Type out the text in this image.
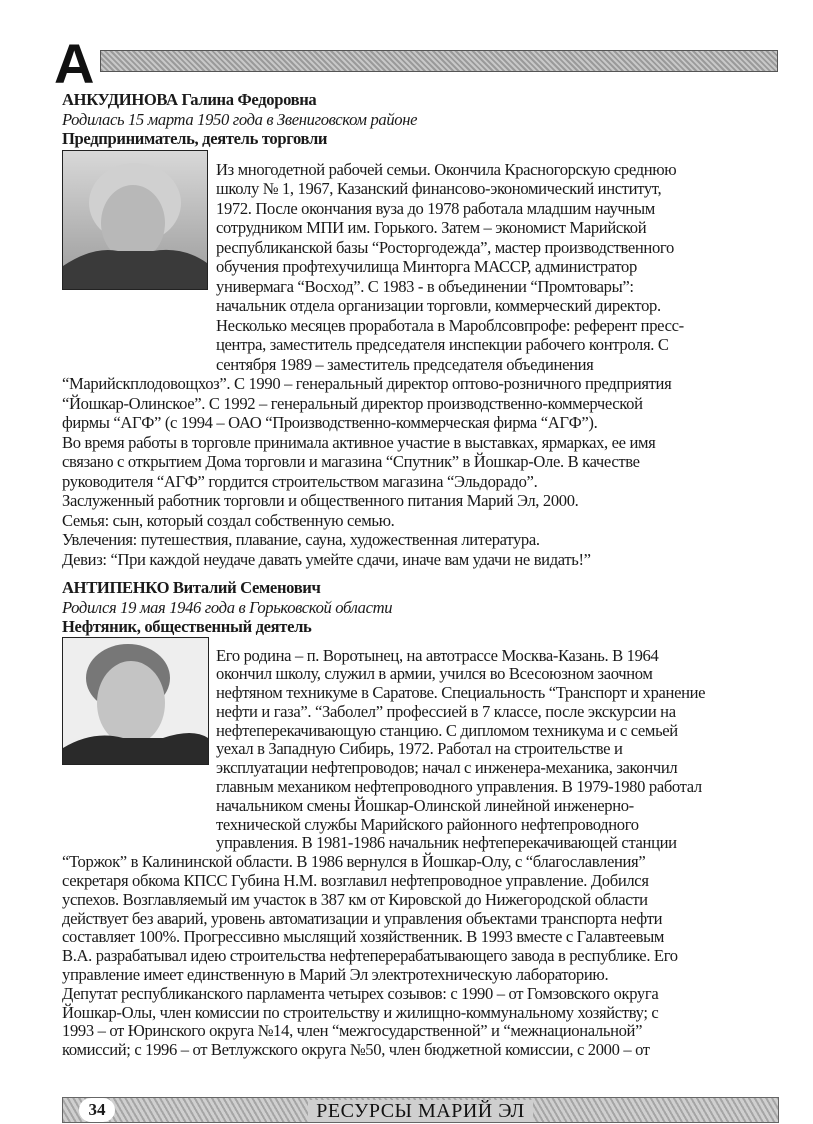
А
АНКУДИНОВА Галина Федоровна
Родилась 15 марта 1950 года в Звениговском районе
Предприниматель, деятель торговли
Из многодетной рабочей семьи. Окончила Красногорскую среднюю
школу № 1, 1967, Казанский финансово-экономический институт,
1972. После окончания вуза до 1978 работала младшим научным
сотрудником МПИ им. Горького. Затем – экономист Марийской
республиканской базы “Росторгодежда”, мастер производственного
обучения профтехучилища Минторга МАССР, администратор
универмага “Восход”. С 1983 - в объединении “Промтовары”:
начальник отдела организации торговли, коммерческий директор.
Несколько месяцев проработала в Мароблсовпрофе: референт пресс-
центра, заместитель председателя инспекции рабочего контроля. С
сентября 1989 – заместитель председателя объединения
“Марийскплодовощхоз”. С 1990 – генеральный директор оптово-розничного предприятия
“Йошкар-Олинское”. С 1992 – генеральный директор производственно-коммерческой
фирмы “АГФ” (с 1994 – ОАО “Производственно-коммерческая фирма “АГФ”).
Во время работы в торговле принимала активное участие в выставках, ярмарках, ее имя
связано с открытием Дома торговли и магазина “Спутник” в Йошкар-Оле. В качестве
руководителя “АГФ” гордится строительством магазина “Эльдорадо”.
Заслуженный работник торговли и общественного питания Марий Эл, 2000.
Семья: сын, который создал собственную семью.
Увлечения: путешествия, плавание, сауна, художественная литература.
Девиз: “При каждой неудаче давать умейте сдачи, иначе вам удачи не видать!”
АНТИПЕНКО Виталий Семенович
Родился 19 мая 1946 года в Горьковской области
Нефтяник, общественный деятель
Его родина – п. Воротынец, на автотрассе Москва-Казань. В 1964
окончил школу, служил в армии, учился во Всесоюзном заочном
нефтяном техникуме в Саратове. Специальность “Транспорт и хранение
нефти и газа”. “Заболел” профессией в 7 классе, после экскурсии на
нефтеперекачивающую станцию. С дипломом техникума и с семьей
уехал в Западную Сибирь, 1972. Работал на строительстве и
эксплуатации нефтепроводов; начал с инженера-механика, закончил
главным механиком нефтепроводного управления. В 1979-1980 работал
начальником смены Йошкар-Олинской линейной инженерно-
технической службы Марийского районного нефтепроводного
управления. В 1981-1986 начальник нефтеперекачивающей станции
“Торжок” в Калининской области. В 1986 вернулся в Йошкар-Олу, с “благославления”
секретаря обкома КПСС Губина Н.М. возглавил нефтепроводное управление. Добился
успехов. Возглавляемый им участок в 387 км от Кировской до Нижегородской области
действует без аварий, уровень автоматизации и управления объектами транспорта нефти
составляет 100%. Прогрессивно мыслящий хозяйственник. В 1993 вместе с Галавтеевым
В.А. разрабатывал идею строительства нефтеперерабатывающего завода в республике. Его
управление имеет единственную в Марий Эл электротехническую лабораторию.
Депутат республиканского парламента четырех созывов: с 1990 – от Гомзовского округа
Йошкар-Олы, член комиссии по строительству и жилищно-коммунальному хозяйству; с
1993 – от Юринского округа №14, член “межгосударственной” и “межнациональной”
комиссий; с 1996 – от Ветлужского округа №50, член бюджетной комиссии, с 2000 – от
34	РЕСУРСЫ МАРИЙ ЭЛ
